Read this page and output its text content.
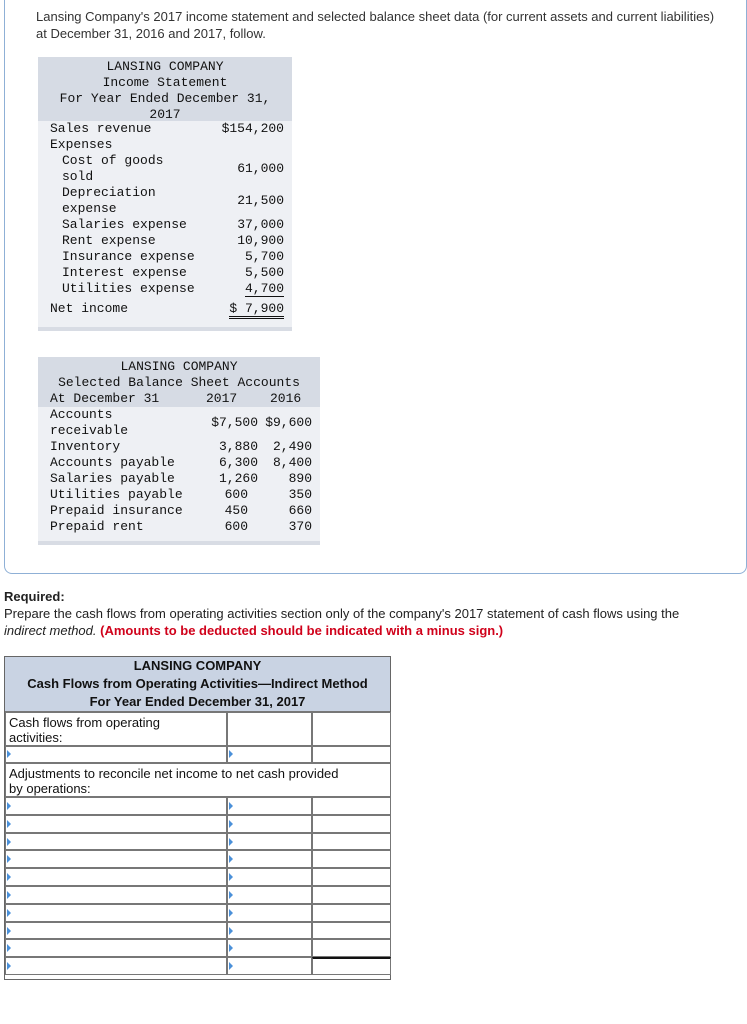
Lansing Company's 2017 income statement and selected balance sheet data (for current assets and current liabilities) at December 31, 2016 and 2017, follow.
LANSING COMPANY
Income Statement
For Year Ended December 31,
2017
Sales revenue	$154,200
Expenses
Cost of goods
sold
61,000
Depreciation
expense
21,500
Salaries expense	37,000
Rent expense	10,900
Insurance expense	5,700
Interest expense	5,500
Utilities expense	4,700
Net income	$ 7,900
LANSING COMPANY
Selected Balance Sheet Accounts
At December 31	2017	2016
Accounts
receivable
$7,500 $9,600
Inventory	3,880 2,490
Accounts payable	6,300 8,400
Salaries payable	1,260 890
Utilities payable	600	350
Prepaid insurance	450	660
Prepaid rent	600	370
Required:
Prepare the cash flows from operating activities section only of the company's 2017 statement of cash flows using the
indirect method. (Amounts to be deducted should be indicated with a minus sign.)
LANSING COMPANY
Cash Flows from Operating Activities—Indirect Method
For Year Ended December 31, 2017
Cash flows from operating
activities:
Adjustments to reconcile net income to net cash provided
by operations:
